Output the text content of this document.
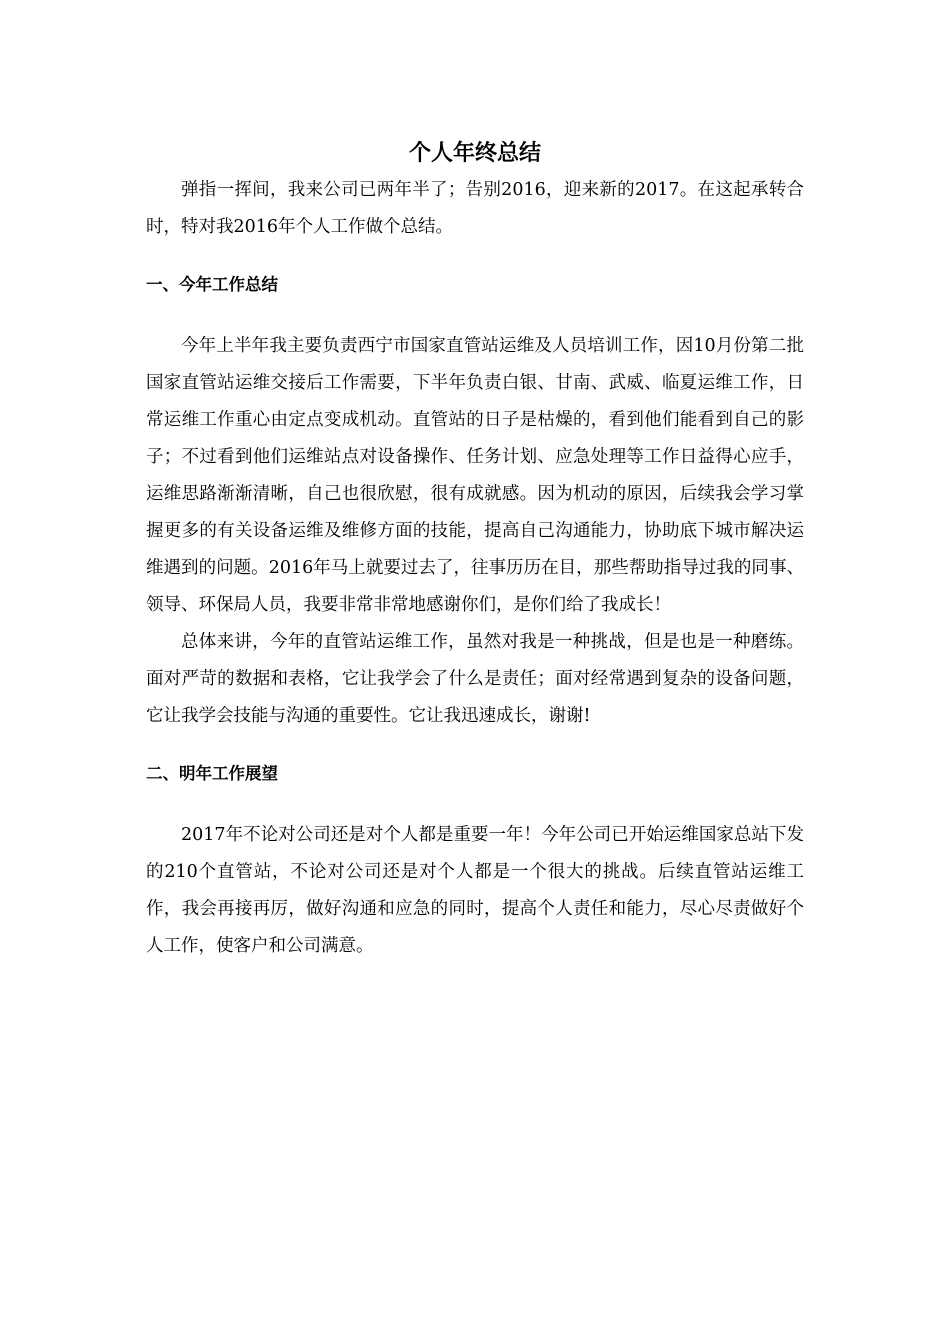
个人年终总结

弹指一挥间，我来公司已两年半了；告别2016，迎来新的2017。在这起承转合时，特对我2016年个人工作做个总结。

一、今年工作总结

今年上半年我主要负责西宁市国家直管站运维及人员培训工作，因10月份第二批国家直管站运维交接后工作需要，下半年负责白银、甘南、武威、临夏运维工作，日常运维工作重心由定点变成机动。直管站的日子是枯燥的，看到他们能看到自己的影子；不过看到他们运维站点对设备操作、任务计划、应急处理等工作日益得心应手，运维思路渐渐清晰，自己也很欣慰，很有成就感。因为机动的原因，后续我会学习掌握更多的有关设备运维及维修方面的技能，提高自己沟通能力，协助底下城市解决运维遇到的问题。2016年马上就要过去了，往事历历在目，那些帮助指导过我的同事、领导、环保局人员，我要非常非常地感谢你们，是你们给了我成长！

总体来讲，今年的直管站运维工作，虽然对我是一种挑战，但是也是一种磨练。面对严苛的数据和表格，它让我学会了什么是责任；面对经常遇到复杂的设备问题，它让我学会技能与沟通的重要性。它让我迅速成长，谢谢!

二、明年工作展望

2017年不论对公司还是对个人都是重要一年！今年公司已开始运维国家总站下发的210个直管站，不论对公司还是对个人都是一个很大的挑战。后续直管站运维工作，我会再接再厉，做好沟通和应急的同时，提高个人责任和能力，尽心尽责做好个人工作，使客户和公司满意。
